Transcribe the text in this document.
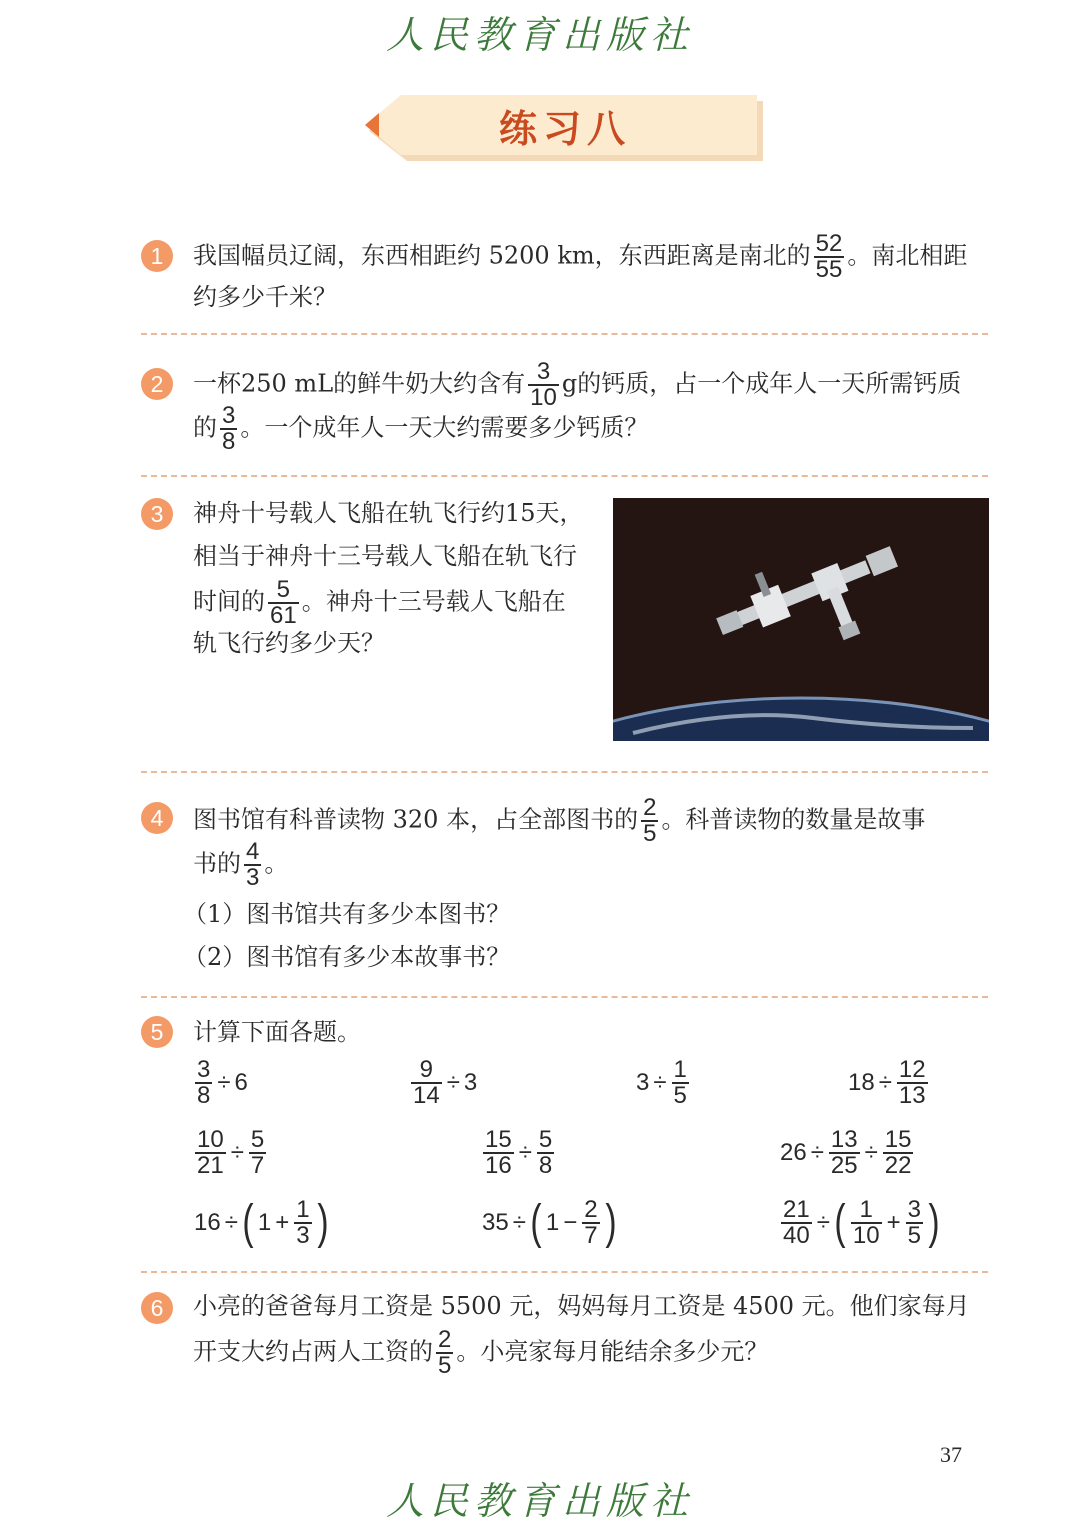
人民教育出版社
练习八
1	我国幅员辽阔，东西相距约 5200 km，东西距离是南北的 $\frac{52}{55}$ 。南北相距
约多少千米？
2	一杯250 mL的鲜牛奶大约含有 $\frac{3}{10}$ g的钙质，占一个成年人一天所需钙质
的 $\frac{3}{8}$ 。一个成年人一天大约需要多少钙质？
3	神舟十号载人飞船在轨飞行约15天，
相当于神舟十三号载人飞船在轨飞行
时间的 $\frac{5}{61}$ 。神舟十三号载人飞船在
轨飞行约多少天？
4	图书馆有科普读物 320 本，占全部图书的 $\frac{2}{5}$ 。科普读物的数量是故事
书的 $\frac{4}{3}$ 。
（1）图书馆共有多少本图书？
（2）图书馆有多少本故事书？
5	计算下面各题。
$\frac{3}{8} \div 6$	$\frac{9}{14} \div 3$	$3 \div \frac{1}{5}$	$18 \div \frac{12}{13}$
$\frac{10}{21} \div \frac{5}{7}$	$\frac{15}{16} \div \frac{5}{8}$	$26 \div \frac{13}{25} \div \frac{15}{22}$
16 ÷( $1 + \frac{1}{3}$ )	35 ÷( $1 - \frac{2}{7}$ )	$\frac{21}{40}$ ÷( $\frac{1}{10} + \frac{3}{5}$ )
6	小亮的爸爸每月工资是 5500 元，妈妈每月工资是 4500 元。他们家每月
开支大约占两人工资的 $\frac{2}{5}$ 。小亮家每月能结余多少元？
37
人民教育出版社
